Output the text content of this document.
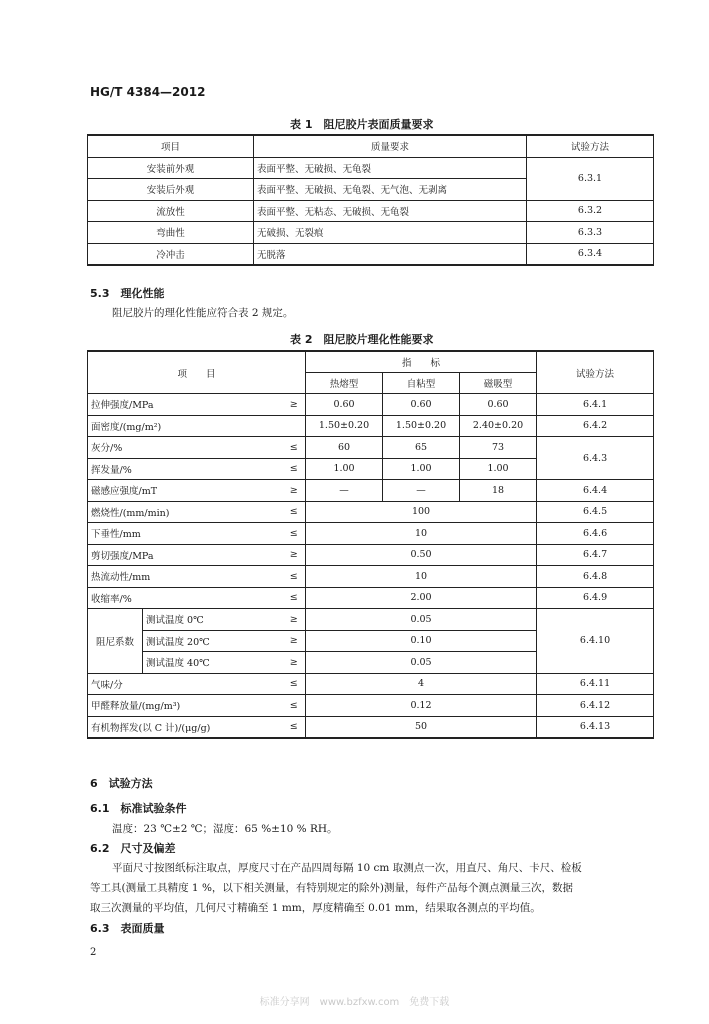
HG/T 4384—2012
表 1　阻尼胶片表面质量要求
项目	质量要求	试验方法
安装前外观	表面平整、无破损、无龟裂	6.3.1
安装后外观	表面平整、无破损、无龟裂、无气泡、无剥离	
流放性	表面平整、无粘态、无破损、无龟裂	6.3.2
弯曲性	无破损、无裂痕	6.3.3
冷冲击	无脱落	6.3.4
5.3　理化性能
阻尼胶片的理化性能应符合表 2 规定。
表 2　阻尼胶片理化性能要求
项　　目			指　　标			试验方法
			热熔型	自粘型	磁吸型	
拉伸强度/MPa		≥	0.60	0.60	0.60	6.4.1
面密度/(mg/m²)			1.50±0.20	1.50±0.20	2.40±0.20	6.4.2
灰分/%		≤	60	65	73	6.4.3
挥发量/%		≤	1.00	1.00	1.00	
磁感应强度/mT		≥	—	—	18	6.4.4
燃烧性/(mm/min)		≤	100			6.4.5
下垂性/mm		≤	10			6.4.6
剪切强度/MPa		≥	0.50			6.4.7
热流动性/mm		≤	10			6.4.8
收缩率/%		≤	2.00			6.4.9
阻尼系数	测试温度 0℃	≥	0.05			6.4.10
	测试温度 20℃	≥	0.10			
	测试温度 40℃	≥	0.05			
气味/分		≤	4			6.4.11
甲醛释放量/(mg/m³)		≤	0.12			6.4.12
有机物挥发(以 C 计)/(μg/g)		≤	50			6.4.13
6　试验方法
6.1　标准试验条件
温度：23 ℃±2 ℃；湿度：65 %±10 % RH。
6.2　尺寸及偏差
平面尺寸按图纸标注取点，厚度尺寸在产品四周每隔 10 cm 取测点一次，用直尺、角尺、卡尺、检板
等工具(测量工具精度 1 %，以下相关测量，有特别规定的除外)测量，每件产品每个测点测量三次，数据
取三次测量的平均值，几何尺寸精确至 1 mm，厚度精确至 0.01 mm，结果取各测点的平均值。
6.3　表面质量
2
标准分享网　www.bzfxw.com　免费下载
